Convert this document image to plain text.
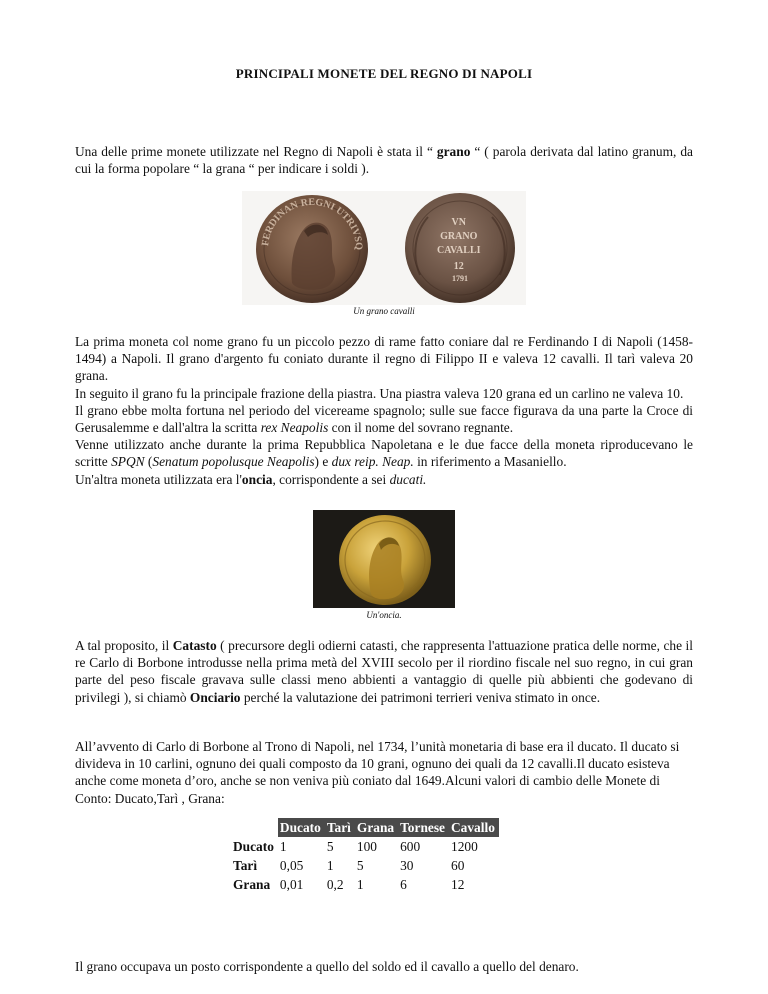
PRINCIPALI MONETE DEL REGNO DI NAPOLI
Una delle prime monete utilizzate nel Regno di Napoli è stata il “ grano “ ( parola derivata dal latino granum, da cui la forma popolare “ la grana “ per indicare i soldi ).
FERDINAN REGNI UTRIVSQ
VN GRANO CAVALLI 12 1791
Un grano cavalli
La prima moneta col nome grano fu un piccolo pezzo di rame fatto coniare dal re Ferdinando I di Napoli (1458-1494) a Napoli. Il grano d'argento fu coniato durante il regno di Filippo II e valeva 12 cavalli. Il tarì valeva 20 grana.
In seguito il grano fu la principale frazione della piastra. Una piastra valeva 120 grana ed un carlino ne valeva 10.
Il grano ebbe molta fortuna nel periodo del vicereame spagnolo; sulle sue facce figurava da una parte la Croce di Gerusalemme e dall'altra la scritta rex Neapolis con il nome del sovrano regnante.
Venne utilizzato anche durante la prima Repubblica Napoletana e le due facce della moneta riproducevano le scritte SPQN (Senatum popolusque Neapolis) e dux reip. Neap. in riferimento a Masaniello.
Un'altra moneta utilizzata era l'oncia, corrispondente a sei ducati.
Un'oncia.
A tal proposito, il Catasto ( precursore degli odierni catasti, che rappresenta l'attuazione pratica delle norme, che il re Carlo di Borbone introdusse nella prima metà del XVIII secolo per il riordino fiscale nel suo regno, in cui gran parte del peso fiscale gravava sulle classi meno abbienti a vantaggio di quelle più abbienti che godevano di privilegi ), si chiamò Onciario perché la valutazione dei patrimoni terrieri veniva stimato in once.
All’avvento di Carlo di Borbone al Trono di Napoli, nel 1734, l’unità monetaria di base era il ducato. Il ducato si divideva in 10 carlini, ognuno dei quali composto da 10 grani, ognuno dei quali da 12 cavalli.Il ducato esisteva anche come moneta d’oro, anche se non veniva più coniato dal 1649.Alcuni valori di cambio delle Monete di Conto: Ducato,Tarì , Grana:
	Ducato	Tarì	Grana	Tornese	Cavallo
Ducato	1	5	100	600	1200
Tarì	0,05	1	5	30	60
Grana	0,01	0,2	1	6	12
Il grano occupava un posto corrispondente a quello del soldo ed il cavallo a quello del denaro.
